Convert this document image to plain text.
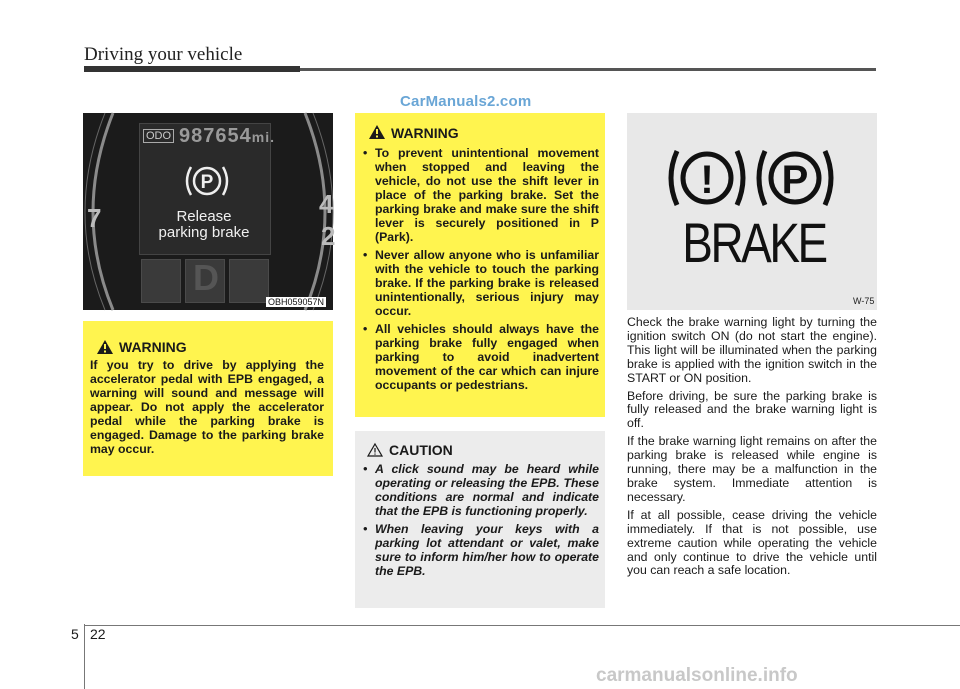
Driving your vehicle
CarManuals2.com
7	4
2
ODO 987654mi.
P
Release
parking brake
D
OBH059057N
WARNING
If you try to drive by applying the accelerator pedal with EPB engaged, a warning will sound and message will appear. Do not apply the accelerator pedal while the parking brake is engaged. Damage to the parking brake may occur.
WARNING
• To prevent unintentional movement when stopped and leaving the vehicle, do not use the shift lever in place of the parking brake. Set the parking brake and make sure the shift lever is securely positioned in P (Park).
• Never allow anyone who is unfamiliar with the vehicle to touch the parking brake. If the parking brake is released unintentionally, serious injury may occur.
• All vehicles should always have the parking brake fully engaged when parking to avoid inadvertent movement of the car which can injure occupants or pedestrians.
CAUTION
• A click sound may be heard while operating or releasing the EPB. These conditions are normal and indicate that the EPB is functioning properly.
• When leaving your keys with a parking lot attendant or valet, make sure to inform him/her how to operate the EPB.
! P
BRAKE
W-75

Check the brake warning light by turning the ignition switch ON (do not start the engine). This light will be illuminated when the parking brake is applied with the ignition switch in the START or ON position.

Before driving, be sure the parking brake is fully released and the brake warning light is off.

If the brake warning light remains on after the parking brake is released while engine is running, there may be a malfunction in the brake system. Immediate attention is necessary.

If at all possible, cease driving the vehicle immediately. If that is not possible, use extreme caution while operating the vehicle and only continue to drive the vehicle until you can reach a safe location.

5 22
carmanualsonline.info
